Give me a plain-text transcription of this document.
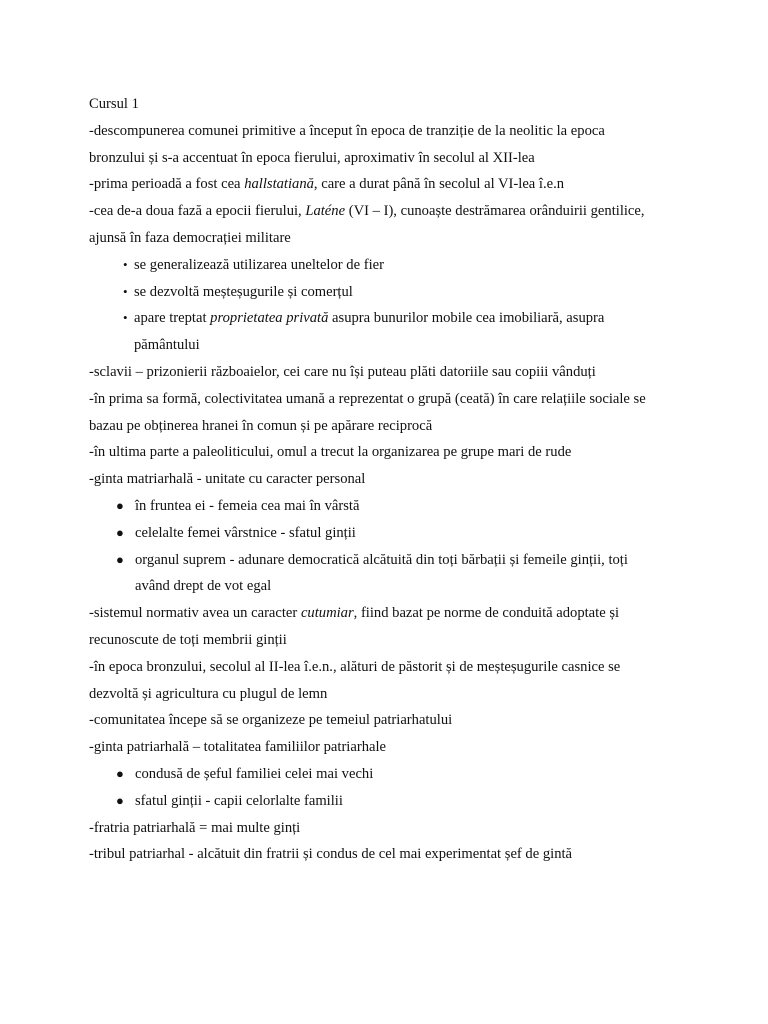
Cursul 1
-descompunerea comunei primitive a început în epoca de tranziție de la neolitic la epoca
bronzului și s-a accentuat în epoca fierului, aproximativ în secolul al XII-lea
-prima perioadă a fost cea hallstatiană, care a durat până în secolul al VI-lea î.e.n
-cea de-a doua fază a epocii fierului, Laténe (VI – I), cunoaște destrămarea orânduirii gentilice,
ajunsă în faza democrației militare
• se generalizează utilizarea uneltelor de fier
• se dezvoltă meșteșugurile și comerțul
• apare treptat proprietatea privată asupra bunurilor mobile cea imobiliară, asupra
pământului
-sclavii – prizonierii războaielor, cei care nu își puteau plăti datoriile sau copiii vânduți
-în prima sa formă, colectivitatea umană a reprezentat o grupă (ceată) în care relațiile sociale se
bazau pe obținerea hranei în comun și pe apărare reciprocă
-în ultima parte a paleoliticului, omul a trecut la organizarea pe grupe mari de rude
-ginta matriarhală - unitate cu caracter personal
● în fruntea ei - femeia cea mai în vârstă
● celelalte femei vârstnice - sfatul ginții
● organul suprem - adunare democratică alcătuită din toți bărbații și femeile ginții, toți
având drept de vot egal
-sistemul normativ avea un caracter cutumiar, fiind bazat pe norme de conduită adoptate și
recunoscute de toți membrii ginții
-în epoca bronzului, secolul al II-lea î.e.n., alături de păstorit și de meșteșugurile casnice se
dezvoltă și agricultura cu plugul de lemn
-comunitatea începe să se organizeze pe temeiul patriarhatului
-ginta patriarhală – totalitatea familiilor patriarhale
● condusă de șeful familiei celei mai vechi
● sfatul ginții - capii celorlalte familii
-fratria patriarhală = mai multe ginți
-tribul patriarhal - alcătuit din fratrii și condus de cel mai experimentat șef de gintă
